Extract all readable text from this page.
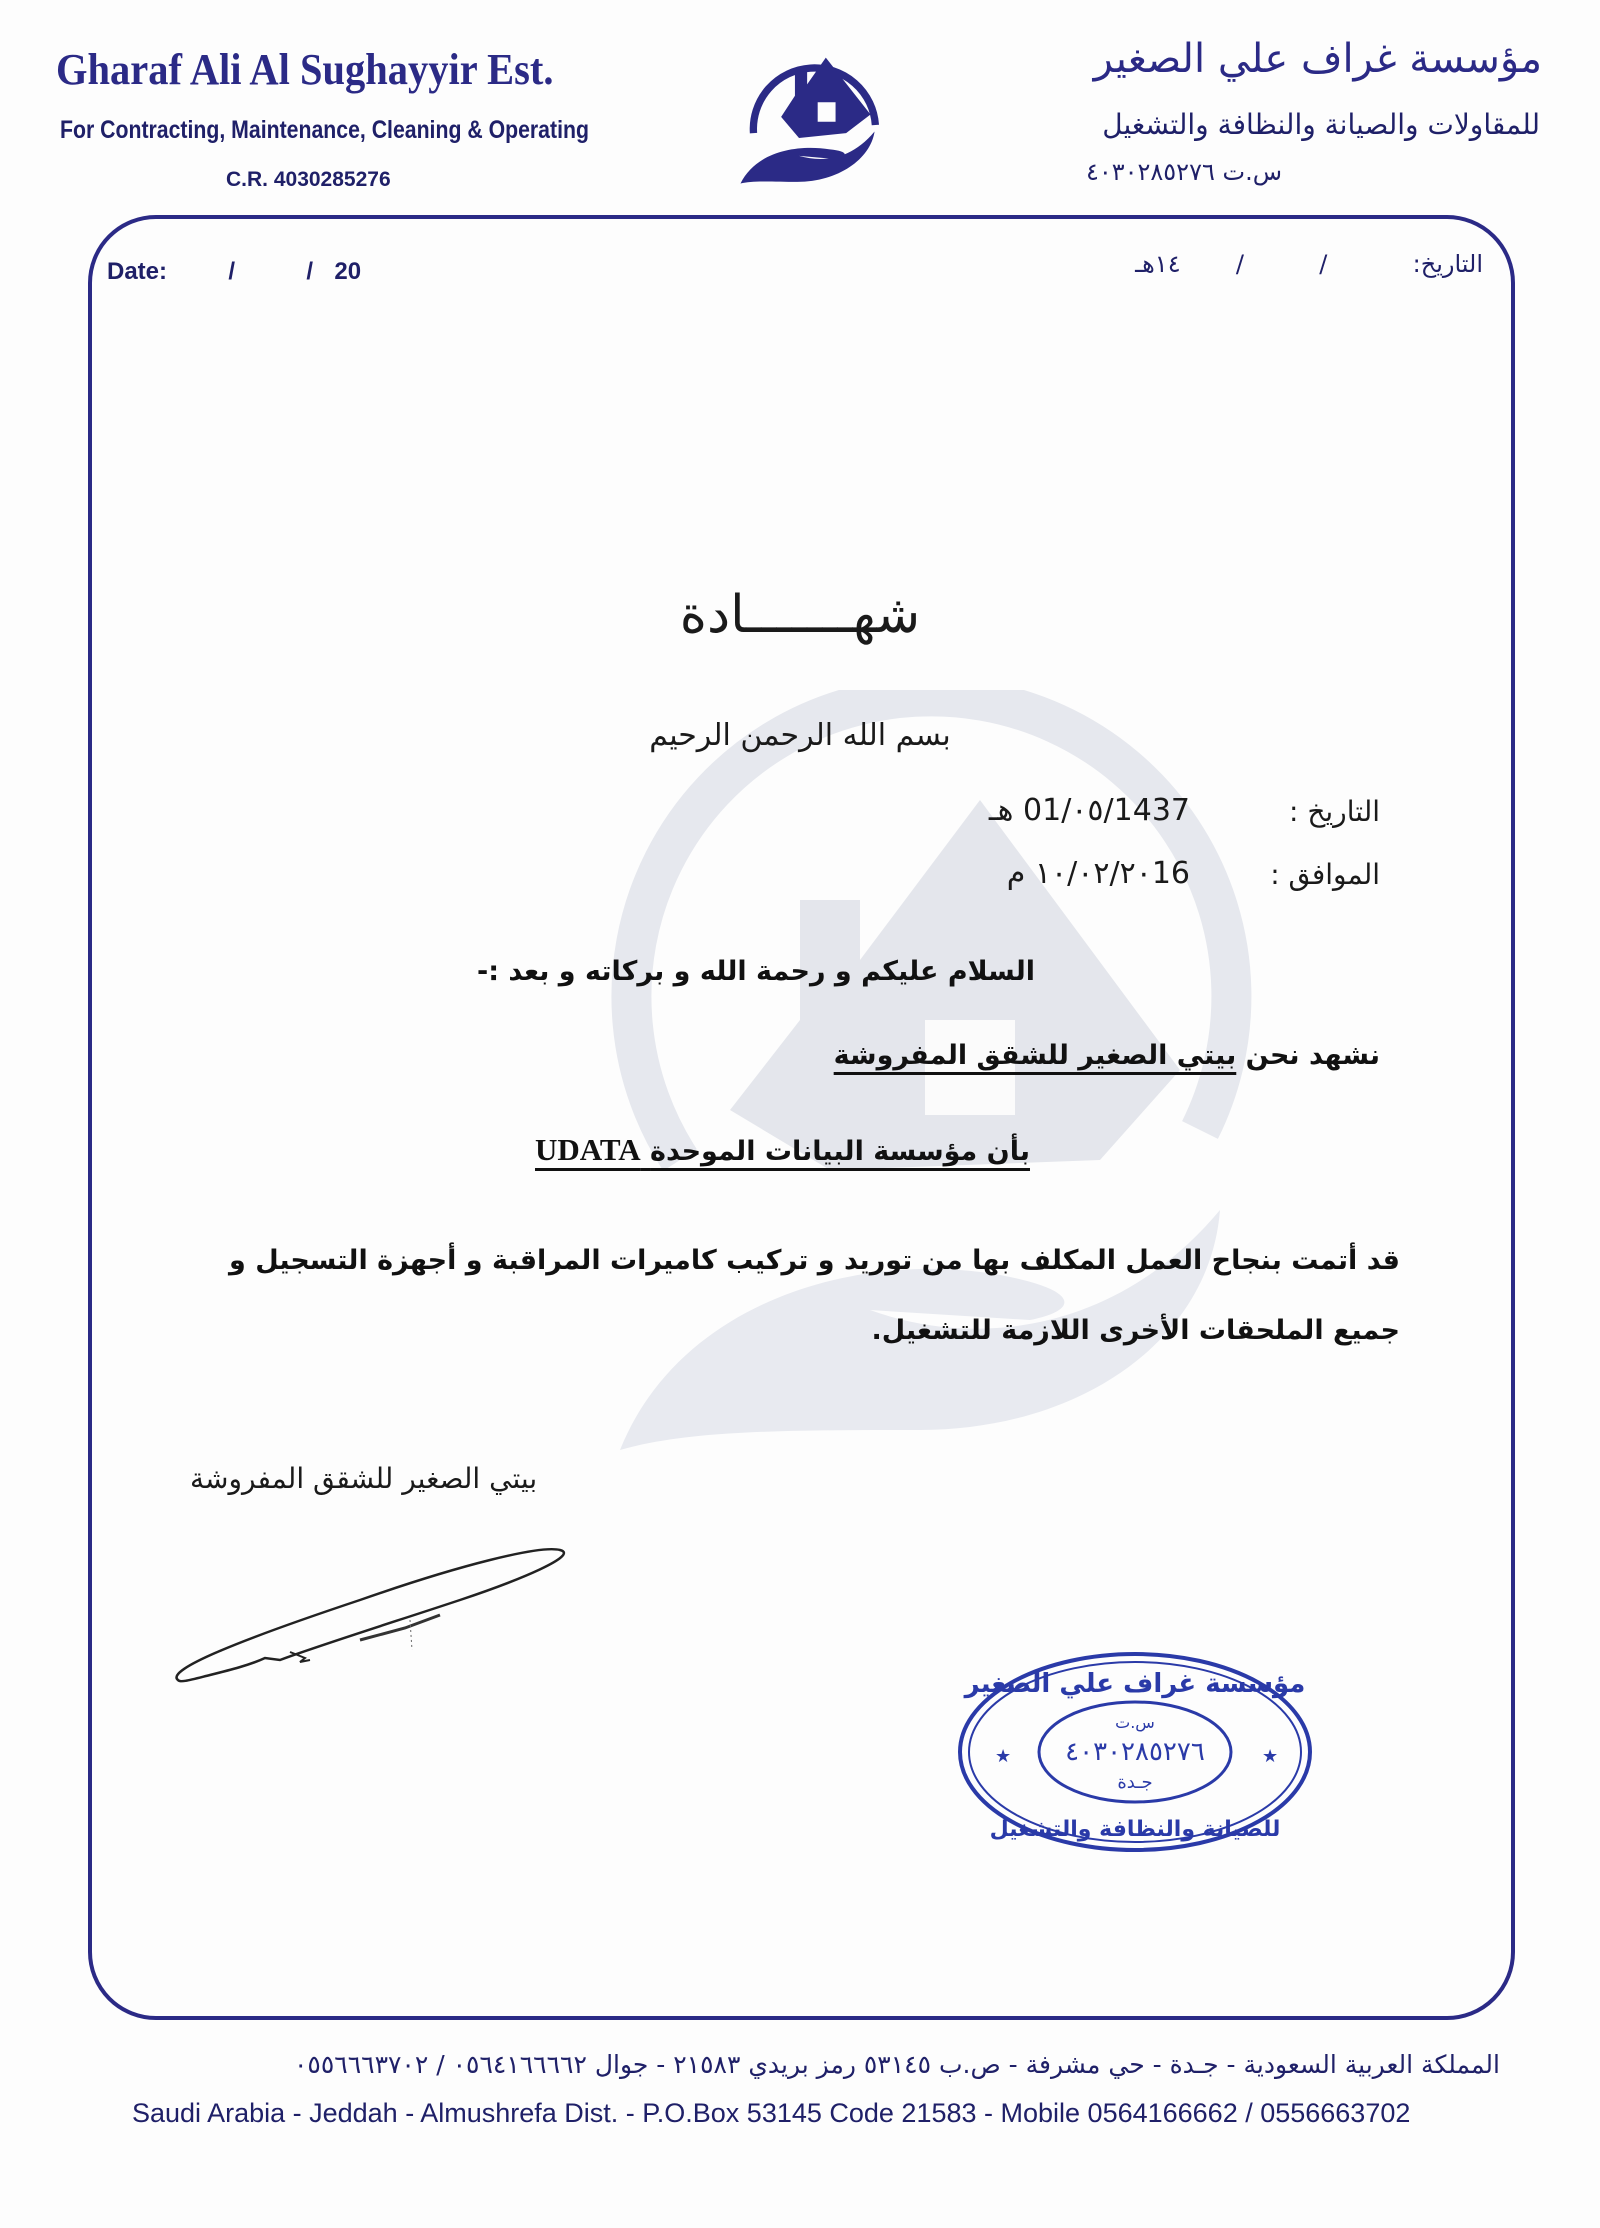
Gharaf Ali Al Sughayyir Est.
For Contracting, Maintenance, Cleaning & Operating
C.R. 4030285276
مؤسسة غراف علي الصغير
للمقاولات والصيانة والنظافة والتشغيل
س.ت ٤٠٣٠٢٨٥٢٧٦
Date:	/	/ 20	التاريخ:  /  /  ١٤هـ
شهـــــــادة
بسم الله الرحمن الرحيم
التاريخ :
1437/٠٥/01 هـ
الموافق :
١٠/٠٢/٢٠16 م
السلام عليكم و رحمة الله و بركاته و بعد :-
نشهد نحن بيتي الصغير للشقق المفروشة
بأن مؤسسة البيانات الموحدة UDATA
قد أتمت بنجاح العمل المكلف بها من توريد و تركيب كاميرات المراقبة و أجهزة التسجيل و جميع الملحقات الأخرى اللازمة للتشغيل.
بيتي الصغير للشقق المفروشة
★	★
مؤسسة غراف علي الصغير
س.ت
٤٠٣٠٢٨٥٢٧٦
جـدة
للصيانة والنظافة والتشغيل
المملكة العربية السعودية - جـدة - حي مشرفة - ص.ب ٥٣١٤٥ رمز بريدي ٢١٥٨٣ - جوال ٠٥٦٤١٦٦٦٦٢ / ٠٥٥٦٦٦٣٧٠٢
Saudi Arabia - Jeddah - Almushrefa Dist. - P.O.Box 53145 Code 21583 - Mobile 0564166662 / 0556663702
